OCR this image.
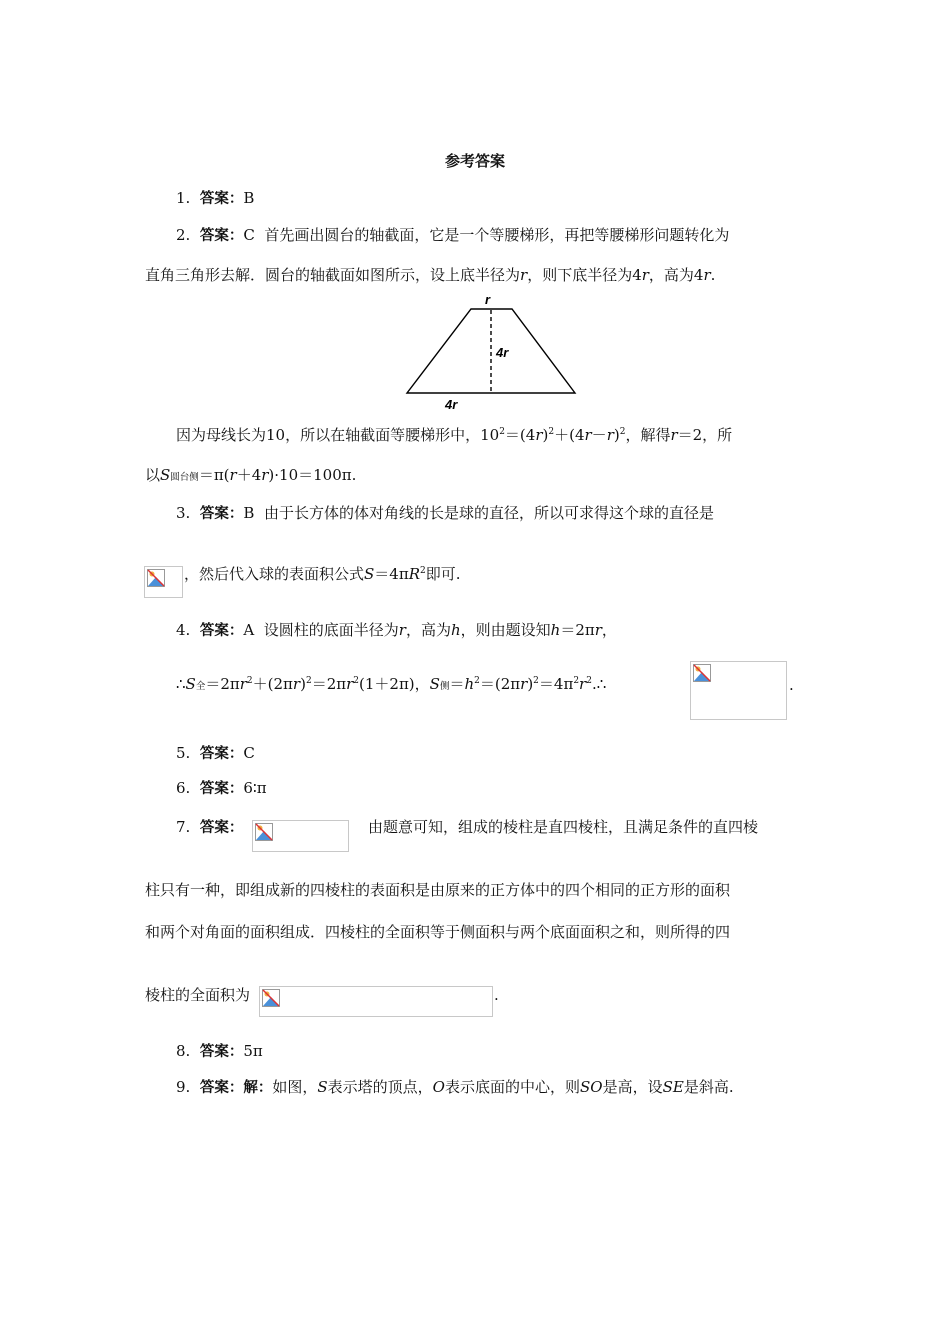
参考答案
1. 答案：B
2. 答案：C 首先画出圆台的轴截面，它是一个等腰梯形，再把等腰梯形问题转化为
直角三角形去解．圆台的轴截面如图所示，设上底半径为r，则下底半径为4r，高为4r.
r
4r
4r
因为母线长为10，所以在轴截面等腰梯形中，$10^2=(4r)^2+(4r-r)^2$，解得r＝2，所
以S圆台侧＝π(r＋4r)·10＝100π.
3. 答案：B 由于长方体的体对角线的长是球的直径，所以可求得这个球的直径是
，然后代入球的表面积公式$S=4\pi R^2$即可.
4. 答案：A 设圆柱的底面半径为r，高为h，则由题设知h＝2πr，
∴S全$=2\pi r^2+(2\pi r)^2=2\pi r^2(1+2\pi)$，S侧$=h^2=(2\pi r)^2=4\pi^2r^2.\therefore$	.
5. 答案：C
6. 答案：6∶π
7. 答案：	由题意可知，组成的棱柱是直四棱柱，且满足条件的直四棱
柱只有一种，即组成新的四棱柱的表面积是由原来的正方体中的四个相同的正方形的面积
和两个对角面的面积组成．四棱柱的全面积等于侧面积与两个底面面积之和，则所得的四
棱柱的全面积为	.
8. 答案：5π
9. 答案：解：如图，S表示塔的顶点，O表示底面的中心，则SO是高，设SE是斜高.
